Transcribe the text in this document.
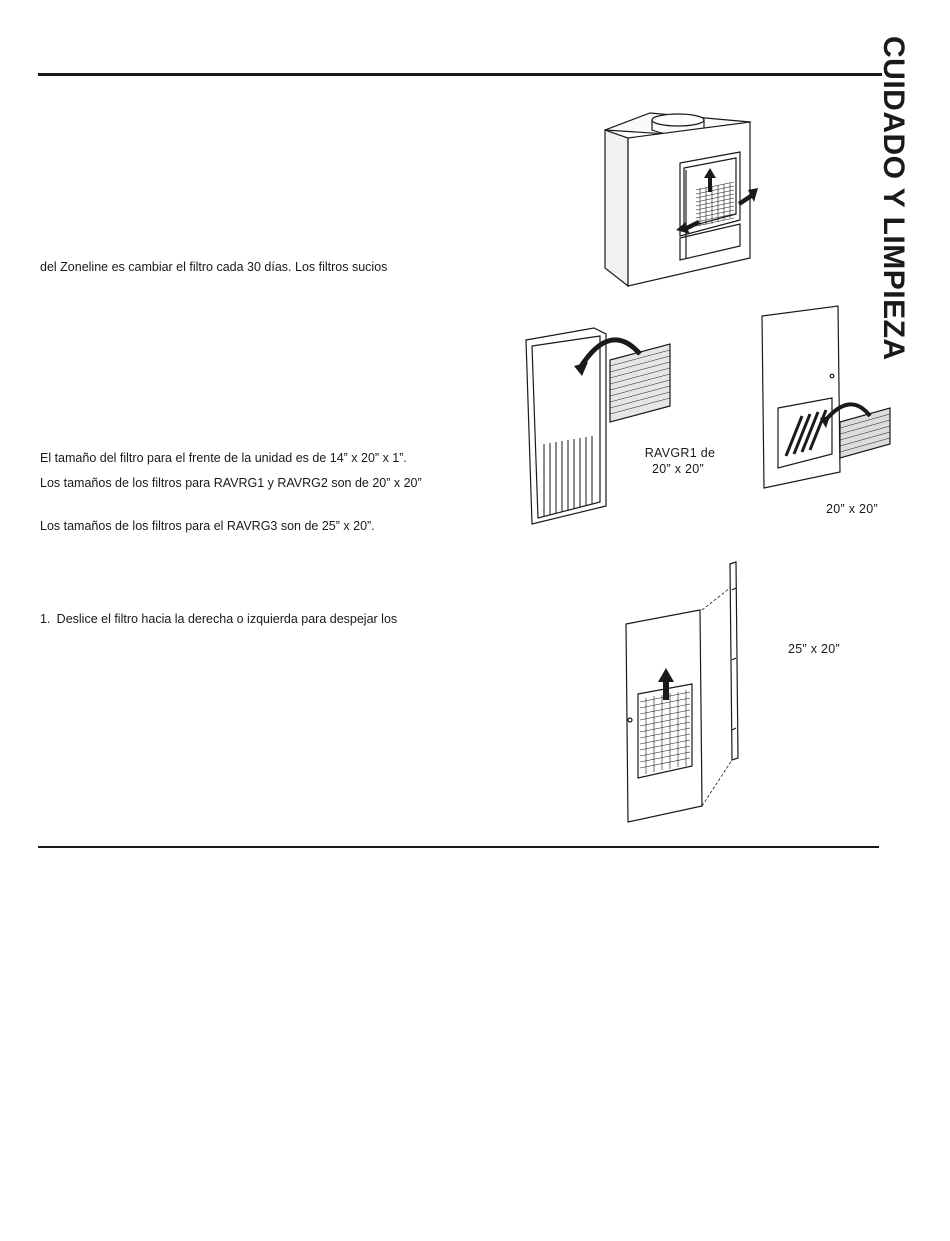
CUIDADO Y LIMPIEZA
del Zoneline es cambiar el filtro cada 30 días. Los filtros sucios
El tamaño del filtro para el frente de la unidad es de 14” x 20” x 1”.
Los tamaños de los filtros para RAVRG1 y RAVRG2 son de 20” x 20”
Los tamaños de los filtros para el RAVRG3 son de 25” x 20”.
1. Deslice el filtro hacia la derecha o izquierda para despejar los
RAVGR1 de
20” x 20”
20” x 20”
25” x 20”
